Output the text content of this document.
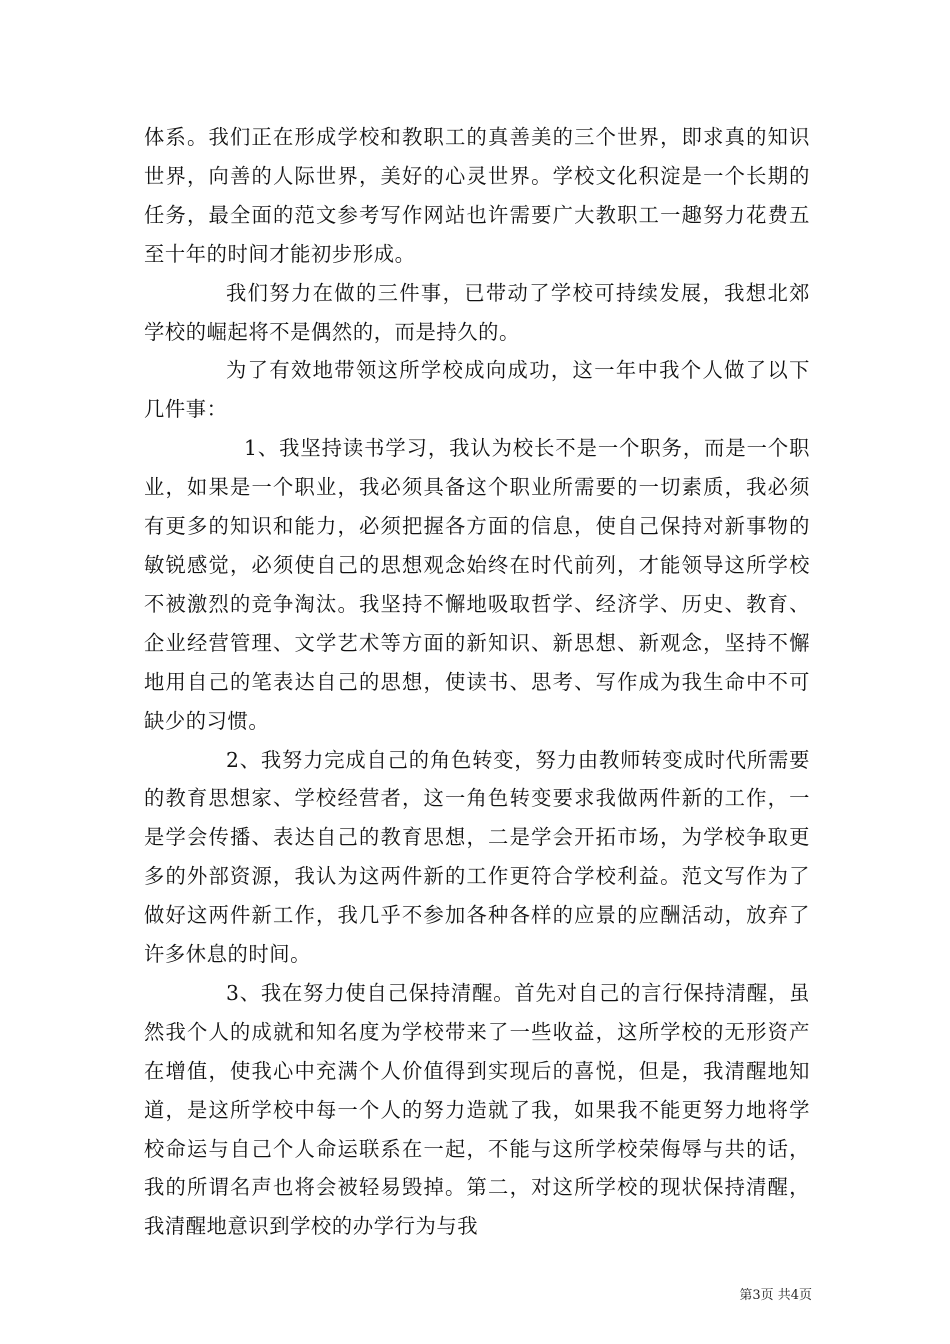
体系。我们正在形成学校和教职工的真善美的三个世界，即求真的知识世界，向善的人际世界，美好的心灵世界。学校文化积淀是一个长期的任务，最全面的范文参考写作网站也许需要广大教职工一趣努力花费五至十年的时间才能初步形成。

我们努力在做的三件事，已带动了学校可持续发展，我想北郊学校的崛起将不是偶然的，而是持久的。

为了有效地带领这所学校成向成功，这一年中我个人做了以下几件事：

1、我坚持读书学习，我认为校长不是一个职务，而是一个职业，如果是一个职业，我必须具备这个职业所需要的一切素质，我必须有更多的知识和能力，必须把握各方面的信息，使自己保持对新事物的敏锐感觉，必须使自己的思想观念始终在时代前列，才能领导这所学校不被激烈的竞争淘汰。我坚持不懈地吸取哲学、经济学、历史、教育、企业经营管理、文学艺术等方面的新知识、新思想、新观念，坚持不懈地用自己的笔表达自己的思想，使读书、思考、写作成为我生命中不可缺少的习惯。

2、我努力完成自己的角色转变，努力由教师转变成时代所需要的教育思想家、学校经营者，这一角色转变要求我做两件新的工作，一是学会传播、表达自己的教育思想，二是学会开拓市场，为学校争取更多的外部资源，我认为这两件新的工作更符合学校利益。范文写作为了做好这两件新工作，我几乎不参加各种各样的应景的应酬活动，放弃了许多休息的时间。

3、我在努力使自己保持清醒。首先对自己的言行保持清醒，虽然我个人的成就和知名度为学校带来了一些收益，这所学校的无形资产在增值，使我心中充满个人价值得到实现后的喜悦，但是，我清醒地知道，是这所学校中每一个人的努力造就了我，如果我不能更努力地将学校命运与自己个人命运联系在一起，不能与这所学校荣侮辱与共的话，我的所谓名声也将会被轻易毁掉。第二，对这所学校的现状保持清醒，我清醒地意识到学校的办学行为与我

第3页 共4页
